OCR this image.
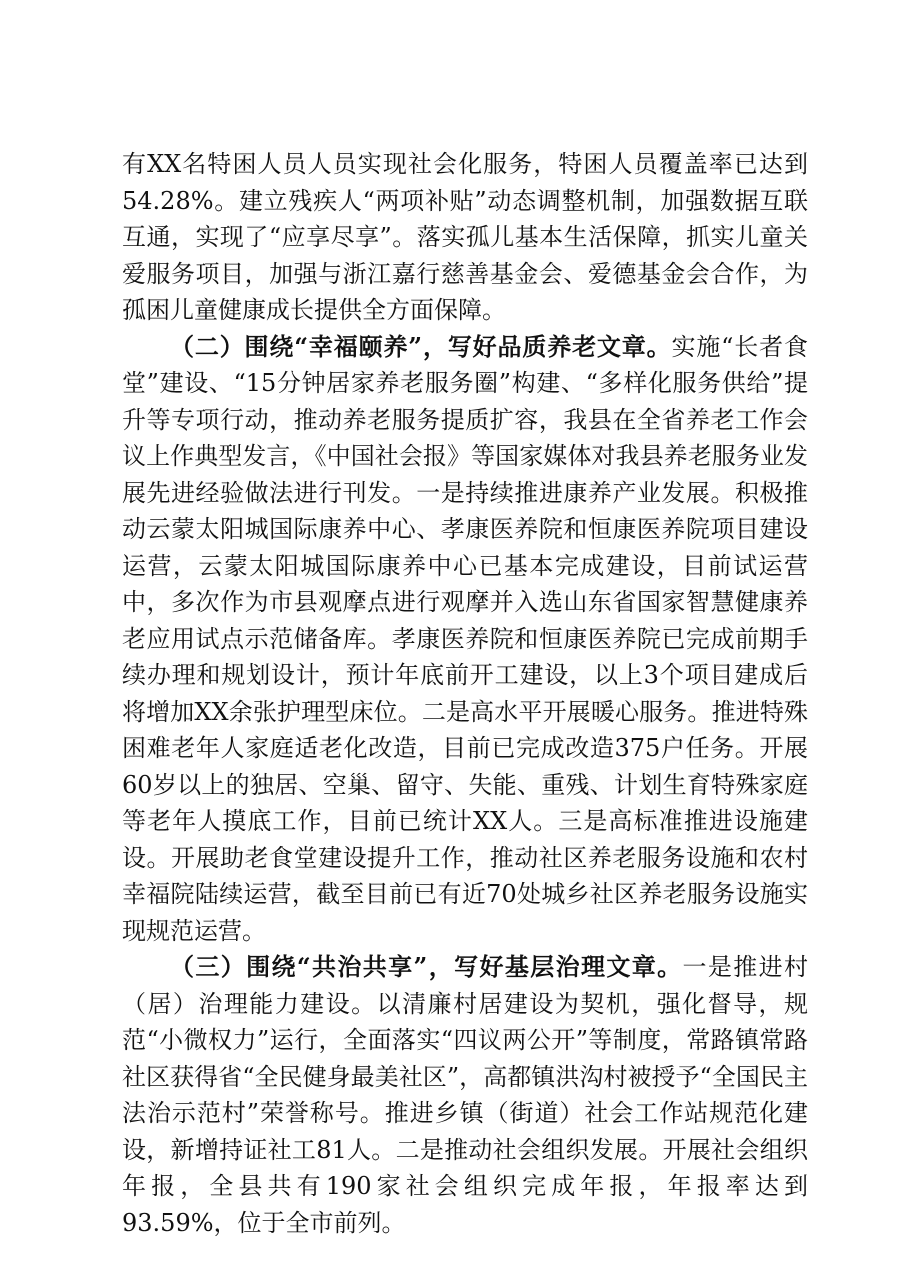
有XX名特困人员人员实现社会化服务，特困人员覆盖率已达到54.28%。建立残疾人“两项补贴”动态调整机制，加强数据互联互通，实现了“应享尽享”。落实孤儿基本生活保障，抓实儿童关爱服务项目，加强与浙江嘉行慈善基金会、爱德基金会合作，为孤困儿童健康成长提供全方面保障。

（二）围绕“幸福颐养”，写好品质养老文章。实施“长者食堂”建设、“15分钟居家养老服务圈”构建、“多样化服务供给”提升等专项行动，推动养老服务提质扩容，我县在全省养老工作会议上作典型发言，《中国社会报》等国家媒体对我县养老服务业发展先进经验做法进行刊发。一是持续推进康养产业发展。积极推动云蒙太阳城国际康养中心、孝康医养院和恒康医养院项目建设运营，云蒙太阳城国际康养中心已基本完成建设，目前试运营中，多次作为市县观摩点进行观摩并入选山东省国家智慧健康养老应用试点示范储备库。孝康医养院和恒康医养院已完成前期手续办理和规划设计，预计年底前开工建设，以上3个项目建成后将增加XX余张护理型床位。二是高水平开展暖心服务。推进特殊困难老年人家庭适老化改造，目前已完成改造375户任务。开展60岁以上的独居、空巢、留守、失能、重残、计划生育特殊家庭等老年人摸底工作，目前已统计XX人。三是高标准推进设施建设。开展助老食堂建设提升工作，推动社区养老服务设施和农村幸福院陆续运营，截至目前已有近70处城乡社区养老服务设施实现规范运营。

（三）围绕“共治共享”，写好基层治理文章。一是推进村（居）治理能力建设。以清廉村居建设为契机，强化督导，规范“小微权力”运行，全面落实“四议两公开”等制度，常路镇常路社区获得省“全民健身最美社区”，高都镇洪沟村被授予“全国民主法治示范村”荣誉称号。推进乡镇（街道）社会工作站规范化建设，新增持证社工81人。二是推动社会组织发展。开展社会组织年报，全县共有190家社会组织完成年报，年报率达到93.59%，位于全市前列。
